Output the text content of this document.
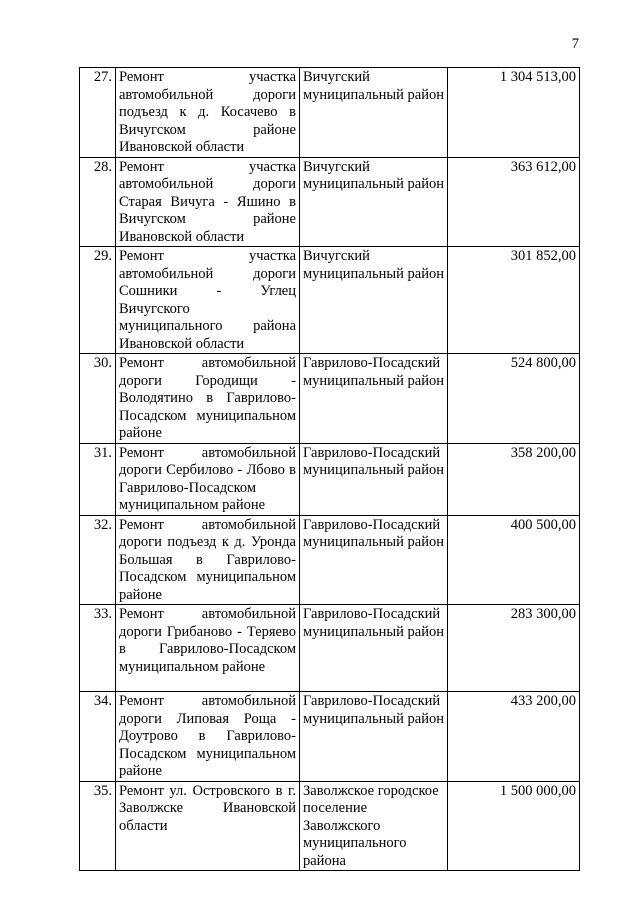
7
27.	Ремонт участка автомобильной дороги подъезд к д. Косачево в Вичугском районе Ивановской области	Вичугский муниципальный район	1 304 513,00
28.	Ремонт участка автомобильной дороги Старая Вичуга - Яшино в Вичугском районе Ивановской области	Вичугский муниципальный район	363 612,00
29.	Ремонт участка автомобильной дороги Сошники - Углец Вичугского муниципального района Ивановской области	Вичугский муниципальный район	301 852,00
30.	Ремонт автомобильной дороги Городищи - Володятино в Гаврилово-Посадском муниципальном районе	Гаврилово-Посадский муниципальный район	524 800,00
31.	Ремонт автомобильной дороги Сербилово - Лбово в Гаврилово-Посадском муниципальном районе	Гаврилово-Посадский муниципальный район	358 200,00
32.	Ремонт автомобильной дороги подъезд к д. Уронда Большая в Гаврилово-Посадском муниципальном районе	Гаврилово-Посадский муниципальный район	400 500,00
33.	Ремонт автомобильной дороги Грибаново - Теряево в Гаврилово-Посадском муниципальном районе	Гаврилово-Посадский муниципальный район	283 300,00
34.	Ремонт автомобильной дороги Липовая Роща - Доутрово в Гаврилово-Посадском муниципальном районе	Гаврилово-Посадский муниципальный район	433 200,00
35.	Ремонт ул. Островского в г. Заволжске Ивановской области	Заволжское городское поселение Заволжского муниципального района	1 500 000,00
